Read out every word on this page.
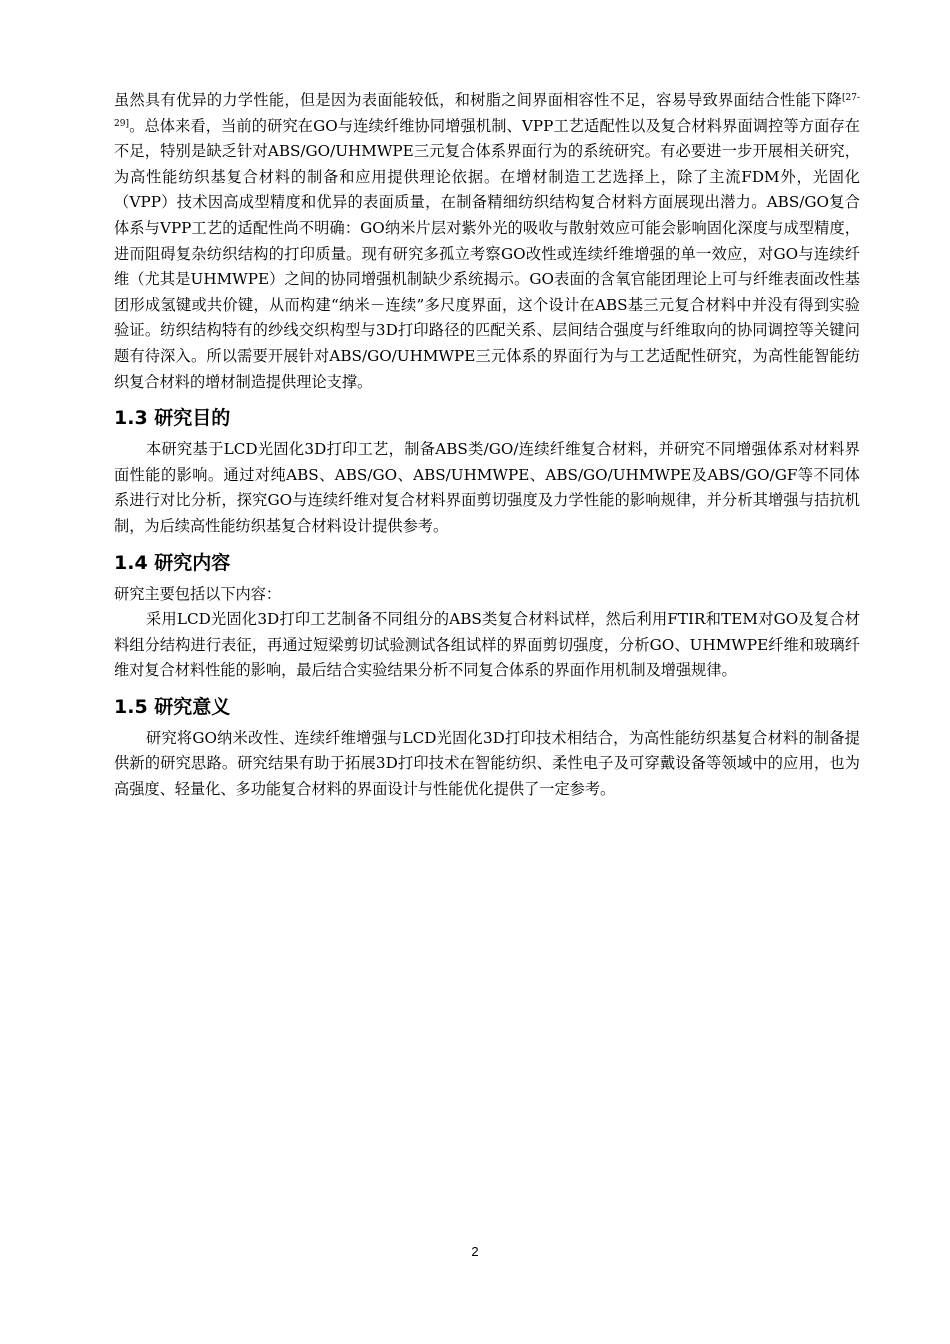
虽然具有优异的力学性能，但是因为表面能较低，和树脂之间界面相容性不足，容易导致界面结合性能下降[27-29]。总体来看，当前的研究在GO与连续纤维协同增强机制、VPP工艺适配性以及复合材料界面调控等方面存在不足，特别是缺乏针对ABS/GO/UHMWPE三元复合体系界面行为的系统研究。有必要进一步开展相关研究，为高性能纺织基复合材料的制备和应用提供理论依据。在增材制造工艺选择上，除了主流FDM外，光固化（VPP）技术因高成型精度和优异的表面质量，在制备精细纺织结构复合材料方面展现出潜力。ABS/GO复合体系与VPP工艺的适配性尚不明确：GO纳米片层对紫外光的吸收与散射效应可能会影响固化深度与成型精度，进而阻碍复杂纺织结构的打印质量。现有研究多孤立考察GO改性或连续纤维增强的单一效应，对GO与连续纤维（尤其是UHMWPE）之间的协同增强机制缺少系统揭示。GO表面的含氧官能团理论上可与纤维表面改性基团形成氢键或共价键，从而构建“纳米－连续”多尺度界面，这个设计在ABS基三元复合材料中并没有得到实验验证。纺织结构特有的纱线交织构型与3D打印路径的匹配关系、层间结合强度与纤维取向的协同调控等关键问题有待深入。所以需要开展针对ABS/GO/UHMWPE三元体系的界面行为与工艺适配性研究，为高性能智能纺织复合材料的增材制造提供理论支撑。

1.3 研究目的

本研究基于LCD光固化3D打印工艺，制备ABS类/GO/连续纤维复合材料，并研究不同增强体系对材料界面性能的影响。通过对纯ABS、ABS/GO、ABS/UHMWPE、ABS/GO/UHMWPE及ABS/GO/GF等不同体系进行对比分析，探究GO与连续纤维对复合材料界面剪切强度及力学性能的影响规律，并分析其增强与拮抗机制，为后续高性能纺织基复合材料设计提供参考。

1.4 研究内容

研究主要包括以下内容：

采用LCD光固化3D打印工艺制备不同组分的ABS类复合材料试样，然后利用FTIR和TEM对GO及复合材料组分结构进行表征，再通过短梁剪切试验测试各组试样的界面剪切强度，分析GO、UHMWPE纤维和玻璃纤维对复合材料性能的影响，最后结合实验结果分析不同复合体系的界面作用机制及增强规律。

1.5 研究意义

研究将GO纳米改性、连续纤维增强与LCD光固化3D打印技术相结合，为高性能纺织基复合材料的制备提供新的研究思路。研究结果有助于拓展3D打印技术在智能纺织、柔性电子及可穿戴设备等领域中的应用，也为高强度、轻量化、多功能复合材料的界面设计与性能优化提供了一定参考。

2
